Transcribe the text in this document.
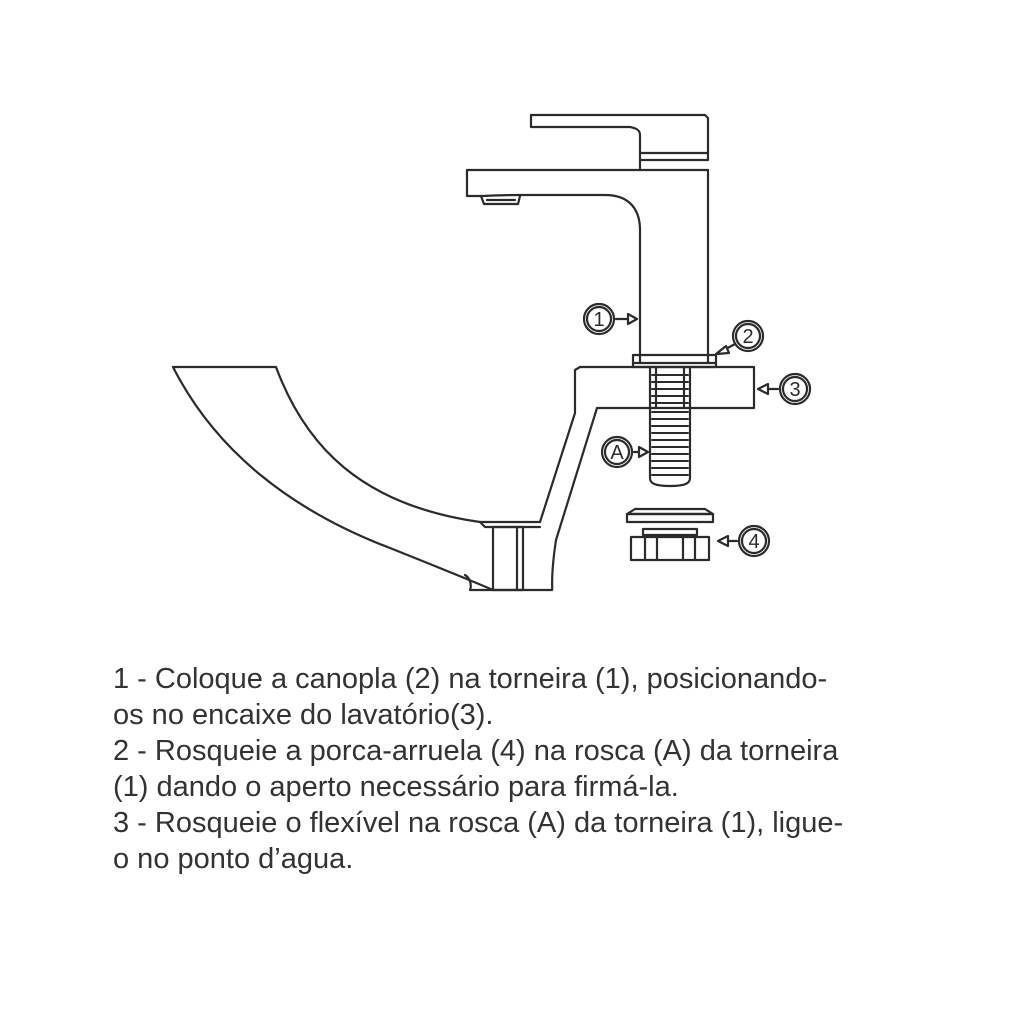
1
2
3
A
4
1 - Coloque a canopla (2) na torneira (1), posicionando-
os no encaixe do lavatório(3).
2 - Rosqueie a porca-arruela (4) na rosca (A) da torneira
(1) dando o aperto necessário para firmá-la.
3 - Rosqueie o flexível na rosca (A) da torneira (1), ligue-
o no ponto d’agua.
